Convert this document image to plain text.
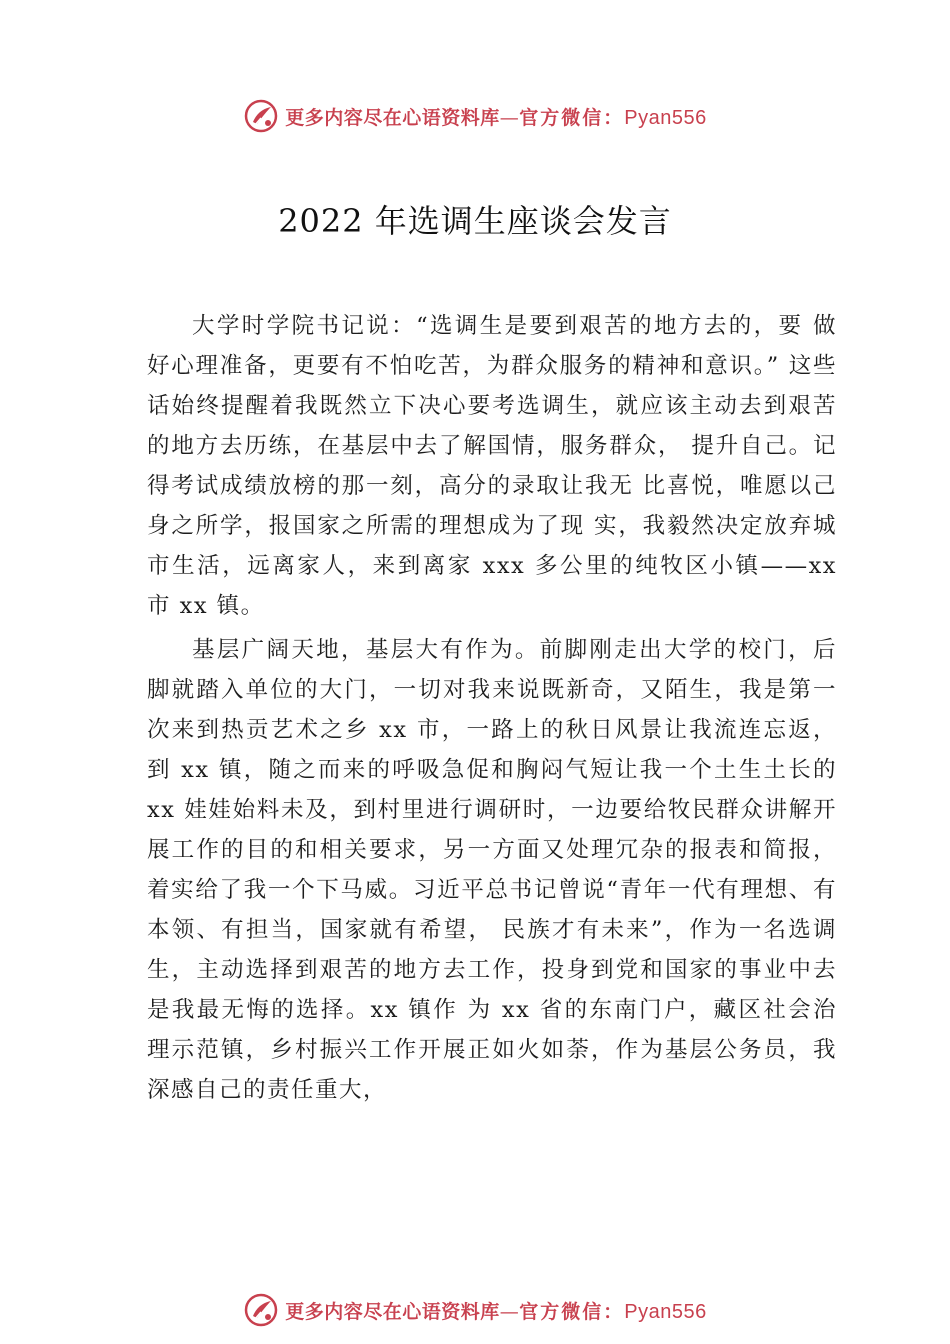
更多内容尽在心语资料库—官方微信：Pyan556
2022 年选调生座谈会发言

大学时学院书记说：“选调生是要到艰苦的地方去的，要 做好心理准备，更要有不怕吃苦，为群众服务的精神和意识。” 这些话始终提醒着我既然立下决心要考选调生，就应该主动去到艰苦的地方去历练，在基层中去了解国情，服务群众， 提升自己。记得考试成绩放榜的那一刻，高分的录取让我无 比喜悦，唯愿以己身之所学，报国家之所需的理想成为了现 实，我毅然决定放弃城市生活，远离家人，来到离家 xxx 多公里的纯牧区小镇——xx 市 xx 镇。

基层广阔天地，基层大有作为。前脚刚走出大学的校门，后脚就踏入单位的大门，一切对我来说既新奇，又陌生，我是第一次来到热贡艺术之乡 xx 市，一路上的秋日风景让我流连忘返，到 xx 镇，随之而来的呼吸急促和胸闷气短让我一个土生土长的 xx 娃娃始料未及，到村里进行调研时，一边要给牧民群众讲解开展工作的目的和相关要求，另一方面又处理冗杂的报表和简报，着实给了我一个下马威。习近平总书记曾说“青年一代有理想、有本领、有担当，国家就有希望， 民族才有未来”，作为一名选调生，主动选择到艰苦的地方去工作，投身到党和国家的事业中去是我最无悔的选择。xx 镇作 为 xx 省的东南门户，藏区社会治理示范镇，乡村振兴工作开展正如火如荼，作为基层公务员，我深感自己的责任重大，

更多内容尽在心语资料库—官方微信：Pyan556
